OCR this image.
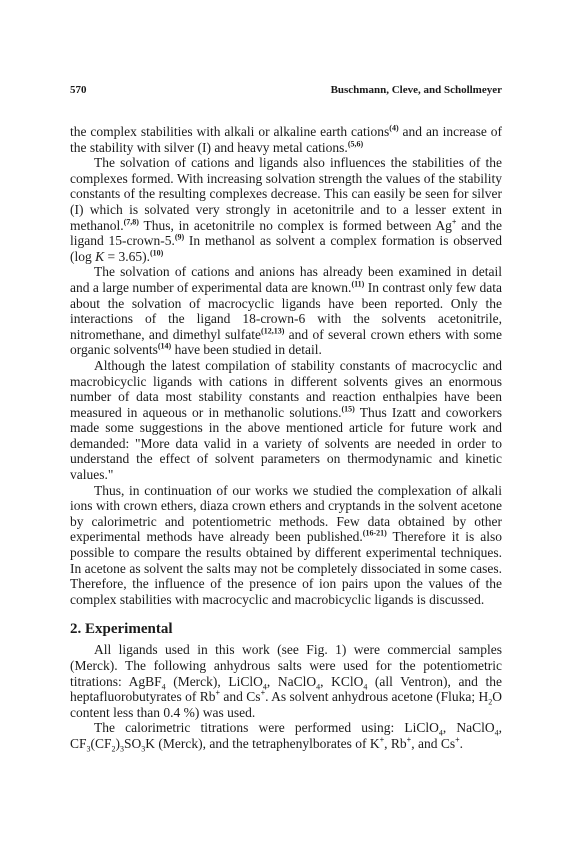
570	Buschmann, Cleve, and Schollmeyer

the complex stabilities with alkali or alkaline earth cations$^{(4)}$ and an increase of the stability with silver (I) and heavy metal cations.$^{(5,6)}$

The solvation of cations and ligands also influences the stabilities of the complexes formed. With increasing solvation strength the values of the stability constants of the resulting complexes decrease. This can easily be seen for silver (I) which is solvated very strongly in acetonitrile and to a lesser extent in methanol.$^{(7,8)}$ Thus, in acetonitrile no complex is formed between Ag+ and the ligand 15-crown-5.$^{(9)}$ In methanol as solvent a complex formation is observed (log K = 3.65).$^{(10)}$

The solvation of cations and anions has already been examined in detail and a large number of experimental data are known.$^{(11)}$ In contrast only few data about the solvation of macrocyclic ligands have been reported. Only the interactions of the ligand 18-crown-6 with the solvents acetonitrile, nitromethane, and dimethyl sulfate$^{(12,13)}$ and of several crown ethers with some organic solvents$^{(14)}$ have been studied in detail.

Although the latest compilation of stability constants of macrocyclic and macrobicyclic ligands with cations in different solvents gives an enormous number of data most stability constants and reaction enthalpies have been measured in aqueous or in methanolic solutions.$^{(15)}$ Thus Izatt and coworkers made some suggestions in the above mentioned article for future work and demanded: "More data valid in a variety of solvents are needed in order to understand the effect of solvent parameters on thermodynamic and kinetic values."

Thus, in continuation of our works we studied the complexation of alkali ions with crown ethers, diaza crown ethers and cryptands in the solvent acetone by calorimetric and potentiometric methods. Few data obtained by other experimental methods have already been published.$^{(16-21)}$ Therefore it is also possible to compare the results obtained by different experimental techniques. In acetone as solvent the salts may not be completely dissociated in some cases. Therefore, the influence of the presence of ion pairs upon the values of the complex stabilities with macrocyclic and macrobicyclic ligands is discussed.

2. Experimental

All ligands used in this work (see Fig. 1) were commercial samples (Merck). The following anhydrous salts were used for the potentiometric titrations: AgBF$_4$ (Merck), LiClO$_4$, NaClO$_4$, KClO$_4$ (all Ventron), and the heptafluorobutyrates of Rb+ and Cs+. As solvent anhydrous acetone (Fluka; $H_2O$ content less than 0.4 %) was used.

The calorimetric titrations were performed using: LiClO$_4$, NaClO$_4$, $CF_3(CF_2)_3SO_3K$ (Merck), and the tetraphenylborates of K+, Rb+, and Cs+.
